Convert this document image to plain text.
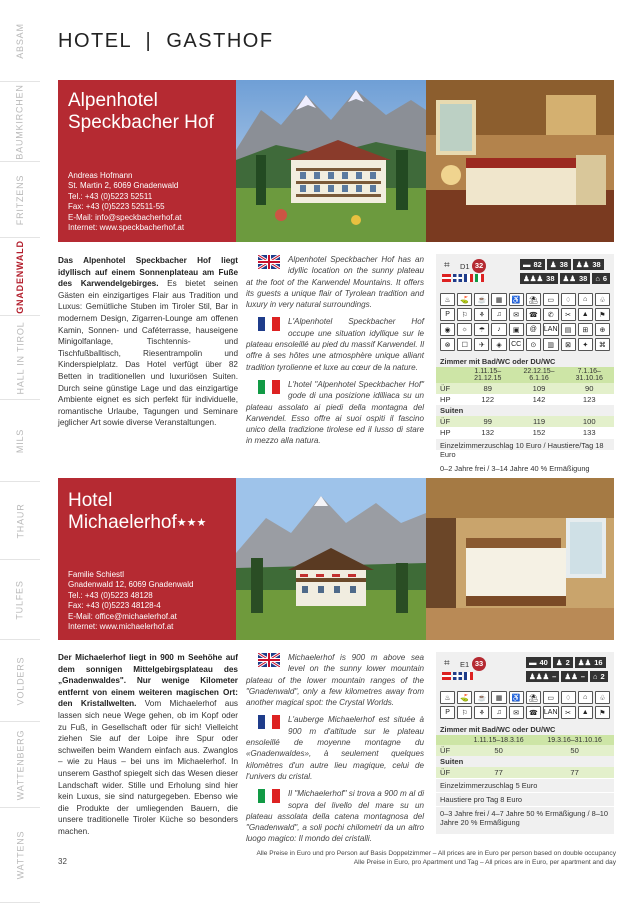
ABSAM
BAUMKIRCHEN
FRITZENS
GNADENWALD
HALL IN TIROL
MILS
THAUR
TULFES
VOLDERS
WATTENBERG
WATTENS
HOTEL  |  GASTHOF
Alpenhotel
Speckbacher Hof
Andreas Hofmann
St. Martin 2, 6069 Gnadenwald
Tel.: +43 (0)5223 52511
Fax: +43 (0)5223 52511-55
E-Mail: info@speckbacherhof.at
Internet: www.speckbacherhof.at
Das Alpenhotel Speckbacher Hof liegt idyllisch auf einem Sonnenplateau am Fuße des Karwendelgebirges. Es bietet seinen Gästen ein einzigartiges Flair aus Tradition und Luxus: Gemütliche Stuben im Tiroler Stil, Bar in modernem Design, Zigarren-Lounge am offenen Kamin, Sonnen- und Caféterrasse, hauseigene Minigolfanlage, Tischtennis- und Tischfußballtisch, Riesentrampolin und Kinderspielplatz. Das Hotel verfügt über 82 Betten in traditionellen und luxuriösen Suiten. Durch seine günstige Lage und das einzigartige Ambiente eignet es sich perfekt für individuelle, romantische Urlaube, Tagungen und Seminare jeglicher Art sowie diverse Veranstaltungen.

Alpenhotel Speckbacher Hof has an idyllic location on the sunny plateau at the foot of the Karwendel Mountains. It offers its guests a unique flair of Tyrolean tradition and luxury in very natural surroundings.

L'Alpenhotel Speckbacher Hof occupe une situation idyllique sur le plateau ensoleillé au pied du massif Karwendel. Il offre à ses hôtes une atmosphère unique alliant tradition tyrolienne et luxe au cœur de la nature.

L'hotel "Alpenhotel Speckbacher Hof" gode di una posizione idilliaca su un plateau assolato ai piedi della montagna del Karwendel. Esso offre ai suoi ospiti il fascino unico della tradizione tirolese ed il lusso di stare in mezzo alla natura.

D1 32
⌗	▬ 82 ♟ 38 ♟♟ 38
♟♟♟ 38 ♟♟ 38 ⌂ 6
♨	⛳	☕	▦	♿	⛱	▭	♢	⌂	♧
P	⚐	⚘	♫	✉	☎	✆	✂	▲	⚑
◉	☼	☂	♪	▣	@	LAN	▤	⊞	⊕
⊗	☐	✈	◈	CC	⊙	▥	⊠	✦	⌘
Zimmer mit Bad/WC oder DU/WC
	1.11.15–21.12.15	22.12.15–6.1.16	7.1.16–31.10.16
ÜF	89	109	90
HP	122	142	123
Suiten			
ÜF	99	119	100
HP	132	152	133
Einzelzimmerzuschlag 10 Euro / Haustiere/Tag 18 Euro
0–2 Jahre frei / 3–14 Jahre 40 % Ermäßigung
Hotel
Michaelerhof★★★
Familie Schiestl
Gnadenwald 12, 6069 Gnadenwald
Tel.: +43 (0)5223 48128
Fax: +43 (0)5223 48128-4
E-Mail: office@michaelerhof.at
Internet: www.michaelerhof.at
Der Michaelerhof liegt in 900 m Seehöhe auf dem sonnigen Mittelgebirgsplateau des „Gnadenwaldes". Nur wenige Kilometer entfernt von einem weiteren magischen Ort: den Kristallwelten. Vom Michaelerhof aus lassen sich neue Wege gehen, ob im Kopf oder zu Fuß, in Gesellschaft oder für sich! Vielleicht ziehen Sie auf der Loipe ihre Spur oder schweifen beim Wandern einfach aus. Zwanglos – wie zu Haus – bei uns im Michaelerhof. In unserem Gasthof spiegelt sich das Wesen dieser Landschaft wider. Stille und Erholung sind hier kein Luxus, sie sind naturgegeben. Ebenso wie die Produkte der umliegenden Bauern, die unsere traditionelle Tiroler Küche so besonders machen.

Michaelerhof is 900 m above sea level on the sunny lower mountain plateau of the lower mountain ranges of the "Gnadenwald", only a few kilometres away from another magical spot: the Crystal Worlds.

L'auberge Michaelerhof est située à 900 m d'altitude sur le plateau ensoleillé de moyenne montagne du «Gnadenwaldes», à seulement quelques kilomètres d'un autre lieu magique, celui de l'univers du cristal.

Il "Michaelerhof" si trova a 900 m al di sopra del livello del mare su un plateau assolata della catena montagnosa del "Gnadenwald", a soli pochi chilometri da un altro luogo magico: Il mondo dei cristalli.

E1 33
⌗	▬ 40 ♟ 2 ♟♟ 16
♟♟♟ – ♟♟ – ⌂ 2
♨	⛳	☕	▦	♿	⛱	▭	♢	⌂	♧
P	⚐	⚘	♫	✉	☎ LAN	✂	▲	⚑
Zimmer mit Bad/WC oder DU/WC
	1.11.15–18.3.16	19.3.16–31.10.16
ÜF	50	50
Suiten		
ÜF	77	77
Einzelzimmerzuschlag 5 Euro
Haustiere pro Tag 8 Euro
0–3 Jahre frei / 4–7 Jahre 50 % Ermäßigung / 8–10 Jahre 20 % Ermäßigung
32
Alle Preise in Euro und pro Person auf Basis Doppelzimmer – All prices are in Euro per person based on double occupancy
Alle Preise in Euro, pro Apartment und Tag – All prices are in Euro, per apartment and day
